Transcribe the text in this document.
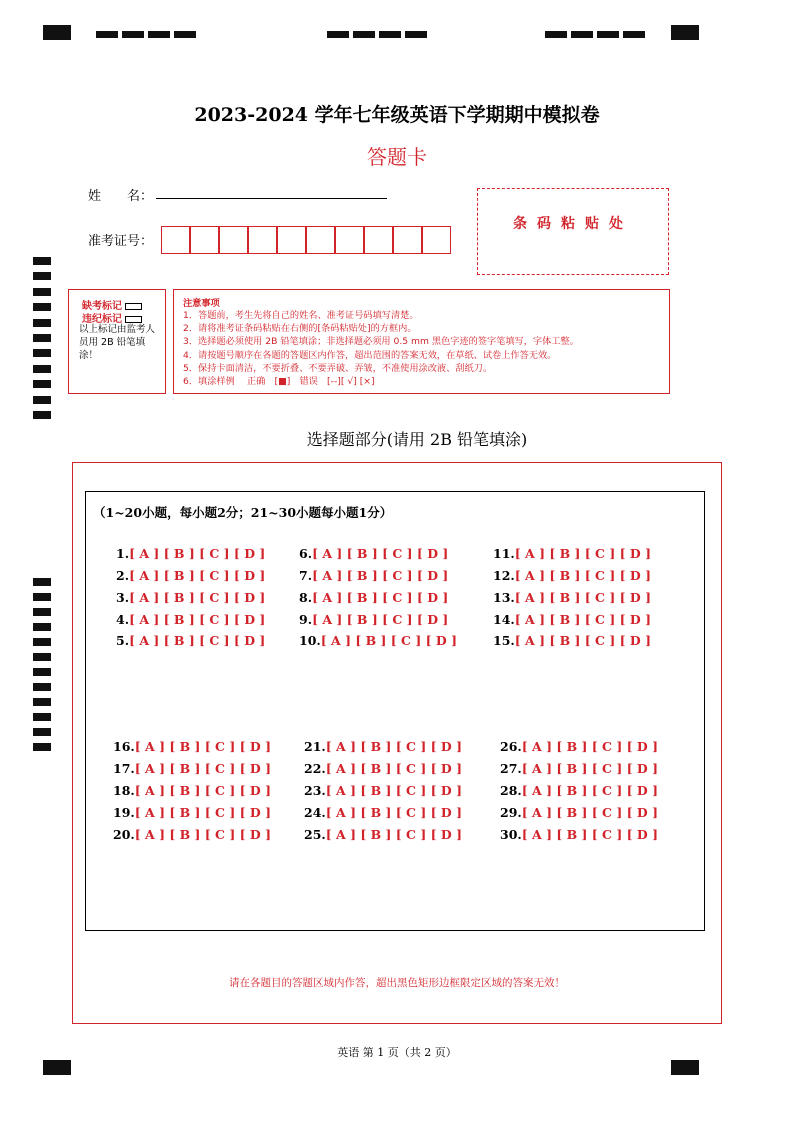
2023-2024 学年七年级英语下学期期中模拟卷
答题卡
姓　　名：
准考证号：
条码粘贴处
缺考标记
违纪标记
以上标记由监考人员用 2B 铅笔填涂！
注意事项
1．答题前，考生先将自己的姓名、准考证号码填写清楚。
2．请将准考证条码粘贴在右侧的[条码粘贴处]的方框内。
3．选择题必须使用 2B 铅笔填涂；非选择题必须用 0.5 mm 黑色字迹的签字笔填写，字体工整。
4．请按题号顺序在各题的答题区内作答，超出范围的答案无效，在草纸、试卷上作答无效。
5．保持卡面清洁，不要折叠、不要弄破、弄皱，不准使用涂改液、刮纸刀。
6．填涂样例　 正确　[■]　错误　[--][ √] [×]
选择题部分(请用 2B 铅笔填涂)
（1~20小题，每小题2分；21~30小题每小题1分）
1.[ A ] [ B ] [ C ] [ D ]
2.[ A ] [ B ] [ C ] [ D ]
3.[ A ] [ B ] [ C ] [ D ]
4.[ A ] [ B ] [ C ] [ D ]
5.[ A ] [ B ] [ C ] [ D ]
6.[ A ] [ B ] [ C ] [ D ]
7.[ A ] [ B ] [ C ] [ D ]
8.[ A ] [ B ] [ C ] [ D ]
9.[ A ] [ B ] [ C ] [ D ]
10.[ A ] [ B ] [ C ] [ D ]
11.[ A ] [ B ] [ C ] [ D ]
12.[ A ] [ B ] [ C ] [ D ]
13.[ A ] [ B ] [ C ] [ D ]
14.[ A ] [ B ] [ C ] [ D ]
15.[ A ] [ B ] [ C ] [ D ]
16.[ A ] [ B ] [ C ] [ D ]
17.[ A ] [ B ] [ C ] [ D ]
18.[ A ] [ B ] [ C ] [ D ]
19.[ A ] [ B ] [ C ] [ D ]
20.[ A ] [ B ] [ C ] [ D ]
21.[ A ] [ B ] [ C ] [ D ]
22.[ A ] [ B ] [ C ] [ D ]
23.[ A ] [ B ] [ C ] [ D ]
24.[ A ] [ B ] [ C ] [ D ]
25.[ A ] [ B ] [ C ] [ D ]
26.[ A ] [ B ] [ C ] [ D ]
27.[ A ] [ B ] [ C ] [ D ]
28.[ A ] [ B ] [ C ] [ D ]
29.[ A ] [ B ] [ C ] [ D ]
30.[ A ] [ B ] [ C ] [ D ]
请在各题目的答题区域内作答，超出黑色矩形边框限定区域的答案无效！
英语 第 1 页（共 2 页）
